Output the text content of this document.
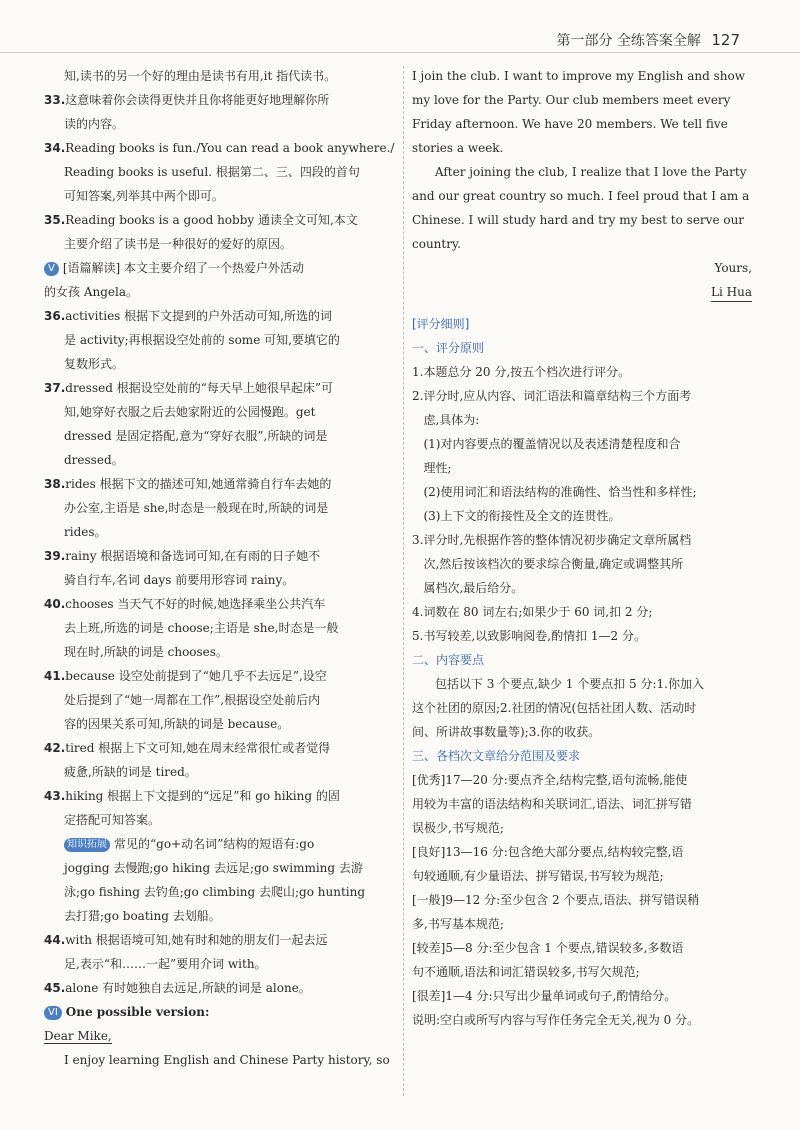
第一部分 全练答案全解 127
知,读书的另一个好的理由是读书有用,it 指代读书。
33.这意味着你会读得更快并且你将能更好地理解你所
读的内容。
34.Reading books is fun./You can read a book anywhere./
Reading books is useful. 根据第二、三、四段的首句
可知答案,列举其中两个即可。
35.Reading books is a good hobby 通读全文可知,本文
主要介绍了读书是一种很好的爱好的原因。
V [语篇解读] 本文主要介绍了一个热爱户外活动
的女孩 Angela。
36.activities 根据下文提到的户外活动可知,所选的词
是 activity;再根据设空处前的 some 可知,要填它的
复数形式。
37.dressed 根据设空处前的“每天早上她很早起床”可
知,她穿好衣服之后去她家附近的公园慢跑。get
dressed 是固定搭配,意为“穿好衣服”,所缺的词是
dressed。
38.rides 根据下文的描述可知,她通常骑自行车去她的
办公室,主语是 she,时态是一般现在时,所缺的词是
rides。
39.rainy 根据语境和备选词可知,在有雨的日子她不
骑自行车,名词 days 前要用形容词 rainy。
40.chooses 当天气不好的时候,她选择乘坐公共汽车
去上班,所选的词是 choose;主语是 she,时态是一般
现在时,所缺的词是 chooses。
41.because 设空处前提到了“她几乎不去远足”,设空
处后提到了“她一周都在工作”,根据设空处前后内
容的因果关系可知,所缺的词是 because。
42.tired 根据上下文可知,她在周末经常很忙或者觉得
疲惫,所缺的词是 tired。
43.hiking 根据上下文提到的“远足”和 go hiking 的固
定搭配可知答案。
知识拓展 常见的“go+动名词”结构的短语有:go
jogging 去慢跑;go hiking 去远足;go swimming 去游
泳;go fishing 去钓鱼;go climbing 去爬山;go hunting
去打猎;go boating 去划船。
44.with 根据语境可知,她有时和她的朋友们一起去远
足,表示“和……一起”要用介词 with。
45.alone 有时她独自去远足,所缺的词是 alone。
VI One possible version:
Dear Mike,
I enjoy learning English and Chinese Party history, so
I join the club. I want to improve my English and show
my love for the Party. Our club members meet every
Friday afternoon. We have 20 members. We tell five
stories a week.
After joining the club, I realize that I love the Party
and our great country so much. I feel proud that I am a
Chinese. I will study hard and try my best to serve our
country.
Yours,
Li Hua
[评分细则]
一、评分原则
1.本题总分 20 分,按五个档次进行评分。
2.评分时,应从内容、词汇语法和篇章结构三个方面考
虑,具体为:
(1)对内容要点的覆盖情况以及表述清楚程度和合
理性;
(2)使用词汇和语法结构的准确性、恰当性和多样性;
(3)上下文的衔接性及全文的连贯性。
3.评分时,先根据作答的整体情况初步确定文章所属档
次,然后按该档次的要求综合衡量,确定或调整其所
属档次,最后给分。
4.词数在 80 词左右;如果少于 60 词,扣 2 分;
5.书写较差,以致影响阅卷,酌情扣 1—2 分。
二、内容要点
包括以下 3 个要点,缺少 1 个要点扣 5 分:1.你加入
这个社团的原因;2.社团的情况(包括社团人数、活动时
间、所讲故事数量等);3.你的收获。
三、各档次文章给分范围及要求
[优秀]17—20 分:要点齐全,结构完整,语句流畅,能使
用较为丰富的语法结构和关联词汇,语法、词汇拼写错
误极少,书写规范;
[良好]13—16 分:包含绝大部分要点,结构较完整,语
句较通顺,有少量语法、拼写错误,书写较为规范;
[一般]9—12 分:至少包含 2 个要点,语法、拼写错误稍
多,书写基本规范;
[较差]5—8 分:至少包含 1 个要点,错误较多,多数语
句不通顺,语法和词汇错误较多,书写欠规范;
[很差]1—4 分:只写出少量单词或句子,酌情给分。
说明:空白或所写内容与写作任务完全无关,视为 0 分。
